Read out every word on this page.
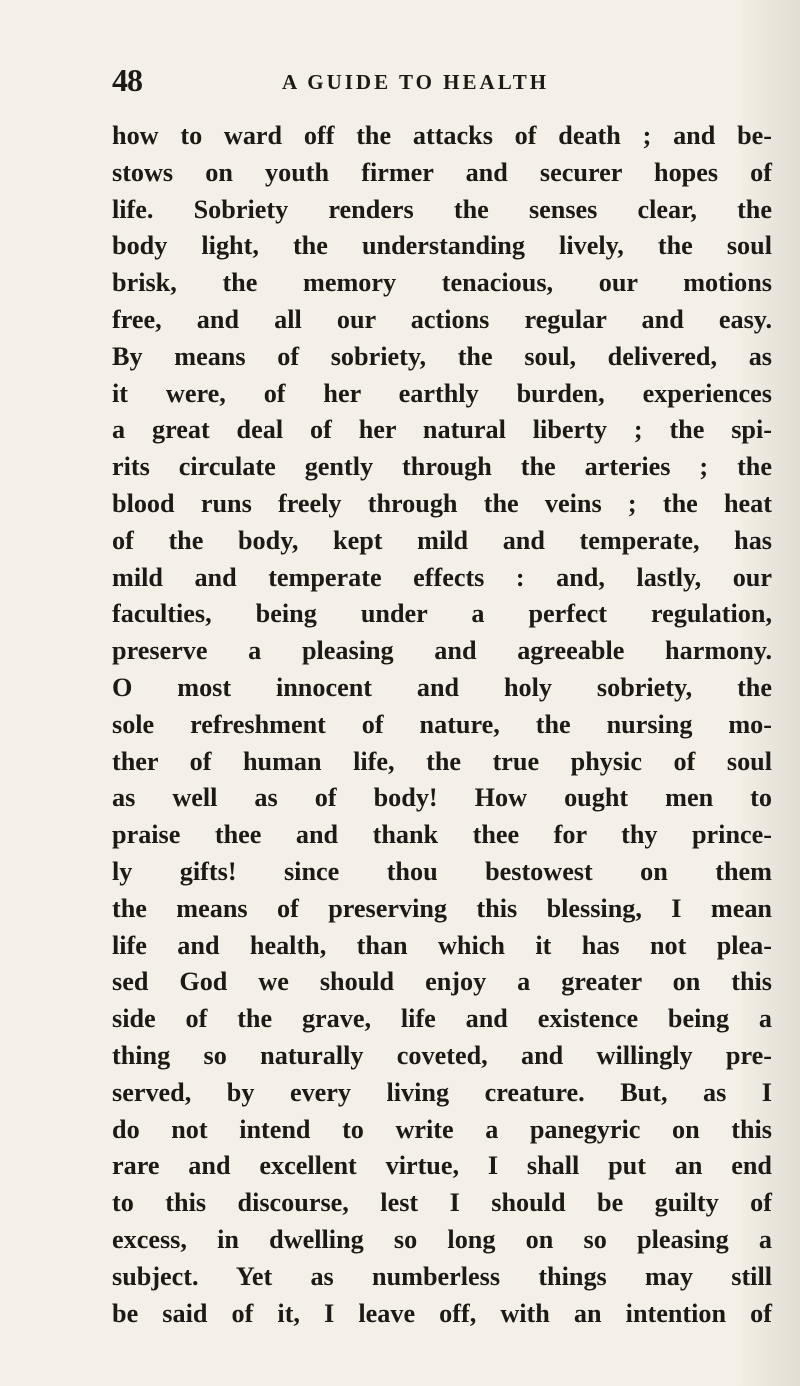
48	A GUIDE TO HEALTH
how to ward off the attacks of death ; and be-
stows on youth firmer and securer hopes of
life. Sobriety renders the senses clear, the
body light, the understanding lively, the soul
brisk, the memory tenacious, our motions
free, and all our actions regular and easy.
By means of sobriety, the soul, delivered, as
it were, of her earthly burden, experiences
a great deal of her natural liberty ; the spi-
rits circulate gently through the arteries ; the
blood runs freely through the veins ; the heat
of the body, kept mild and temperate, has
mild and temperate effects : and, lastly, our
faculties, being under a perfect regulation,
preserve a pleasing and agreeable harmony.
O most innocent and holy sobriety, the
sole refreshment of nature, the nursing mo-
ther of human life, the true physic of soul
as well as of body! How ought men to
praise thee and thank thee for thy prince-
ly gifts! since thou bestowest on them
the means of preserving this blessing, I mean
life and health, than which it has not plea-
sed God we should enjoy a greater on this
side of the grave, life and existence being a
thing so naturally coveted, and willingly pre-
served, by every living creature. But, as I
do not intend to write a panegyric on this
rare and excellent virtue, I shall put an end
to this discourse, lest I should be guilty of
excess, in dwelling so long on so pleasing a
subject. Yet as numberless things may still
be said of it, I leave off, with an intention of
